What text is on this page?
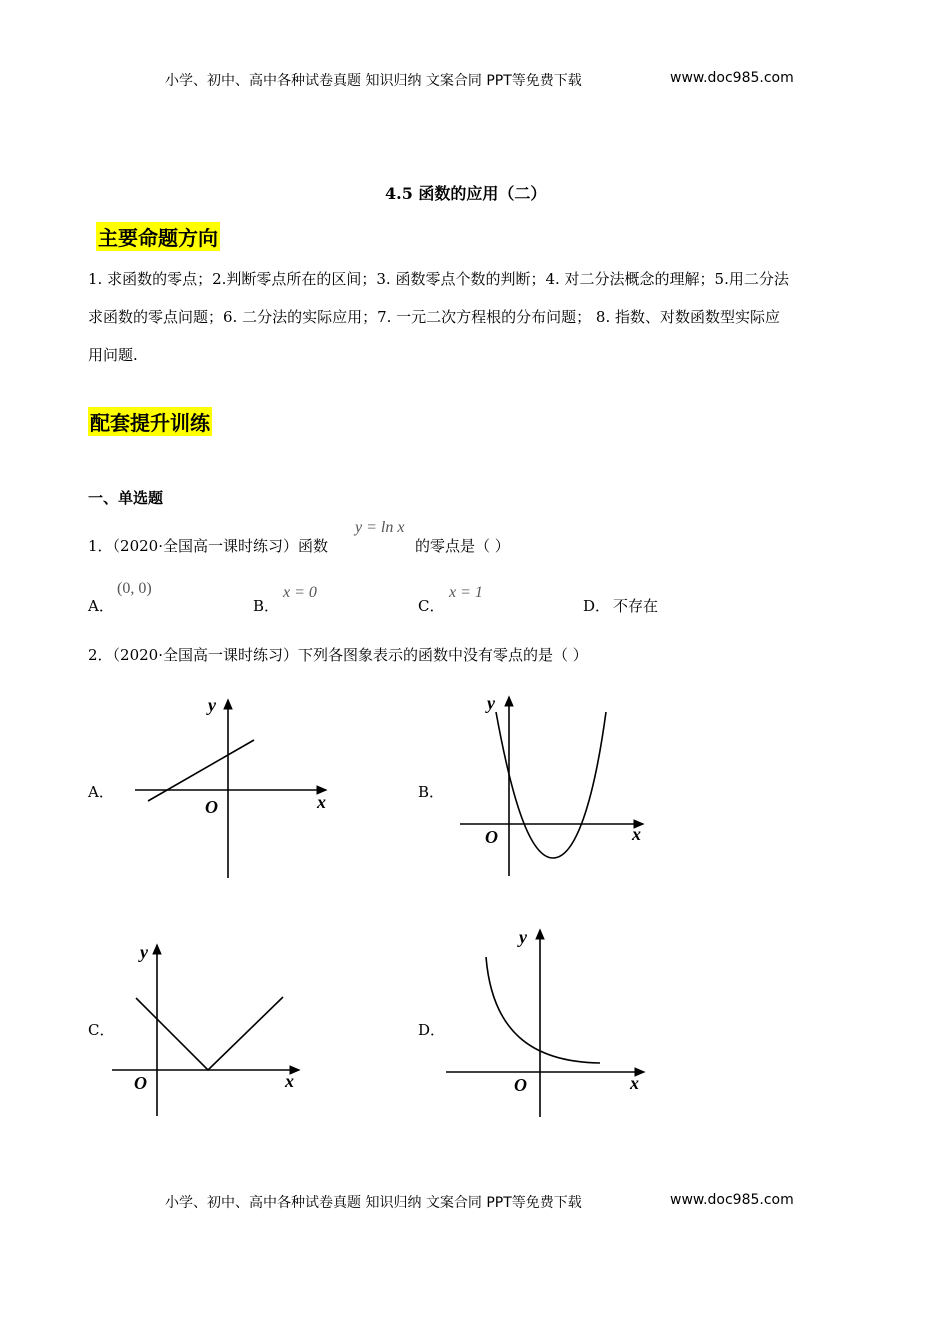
小学、初中、高中各种试卷真题 知识归纳 文案合同 PPT等免费下载	www.doc985.com
4.5 函数的应用（二）
主要命题方向
1. 求函数的零点；2.判断零点所在的区间；3. 函数零点个数的判断；4. 对二分法概念的理解；5.用二分法
求函数的零点问题；6. 二分法的实际应用；7. 一元二次方程根的分布问题； 8. 指数、对数函数型实际应
用问题.
配套提升训练
一、单选题
1．（2020·全国高一课时练习）函数
y = ln x
的零点是（ ）
A．
(0, 0)
B．
x = 0
C．
x = 1
D． 不存在
2．（2020·全国高一课时练习）下列各图象表示的函数中没有零点的是（ ）
A．	B．
C．	D．
y
O	x
y
O	x
y
O	x
y
O	x
小学、初中、高中各种试卷真题 知识归纳 文案合同 PPT等免费下载	www.doc985.com
